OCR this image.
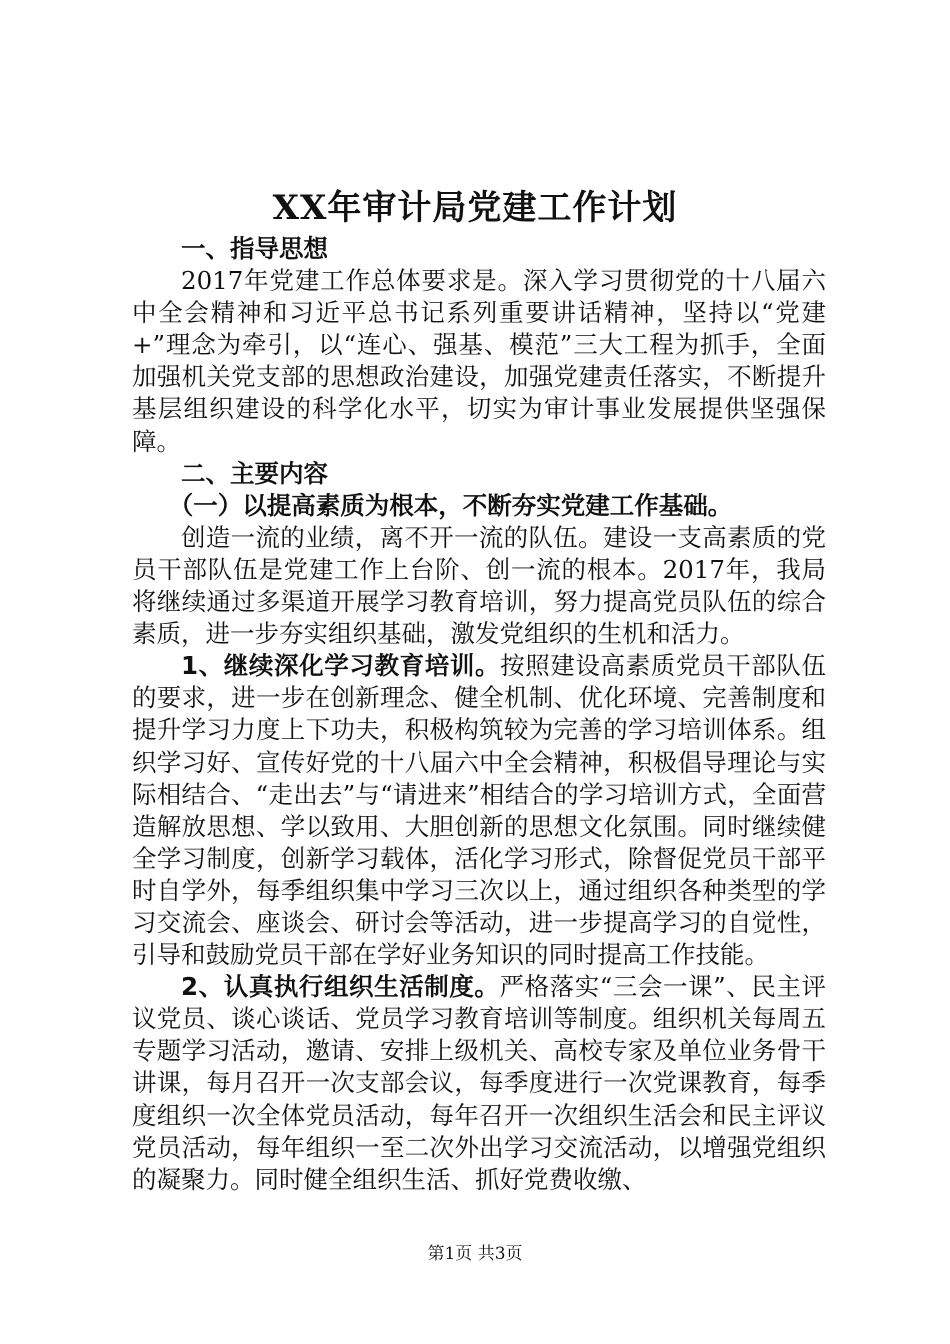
XX年审计局党建工作计划

一、指导思想

2017年党建工作总体要求是。深入学习贯彻党的十八届六中全会精神和习近平总书记系列重要讲话精神，坚持以“党建+”理念为牵引，以“连心、强基、模范”三大工程为抓手，全面加强机关党支部的思想政治建设，加强党建责任落实，不断提升基层组织建设的科学化水平，切实为审计事业发展提供坚强保障。

二、主要内容

（一）以提高素质为根本，不断夯实党建工作基础。

创造一流的业绩，离不开一流的队伍。建设一支高素质的党员干部队伍是党建工作上台阶、创一流的根本。2017年，我局将继续通过多渠道开展学习教育培训，努力提高党员队伍的综合素质，进一步夯实组织基础，激发党组织的生机和活力。

1、继续深化学习教育培训。按照建设高素质党员干部队伍的要求，进一步在创新理念、健全机制、优化环境、完善制度和提升学习力度上下功夫，积极构筑较为完善的学习培训体系。组织学习好、宣传好党的十八届六中全会精神，积极倡导理论与实际相结合、“走出去”与“请进来”相结合的学习培训方式，全面营造解放思想、学以致用、大胆创新的思想文化氛围。同时继续健全学习制度，创新学习载体，活化学习形式，除督促党员干部平时自学外，每季组织集中学习三次以上，通过组织各种类型的学习交流会、座谈会、研讨会等活动，进一步提高学习的自觉性，引导和鼓励党员干部在学好业务知识的同时提高工作技能。

2、认真执行组织生活制度。严格落实“三会一课”、民主评议党员、谈心谈话、党员学习教育培训等制度。组织机关每周五专题学习活动，邀请、安排上级机关、高校专家及单位业务骨干讲课，每月召开一次支部会议，每季度进行一次党课教育，每季度组织一次全体党员活动，每年召开一次组织生活会和民主评议党员活动，每年组织一至二次外出学习交流活动，以增强党组织的凝聚力。同时健全组织生活、抓好党费收缴、

第1页 共3页
